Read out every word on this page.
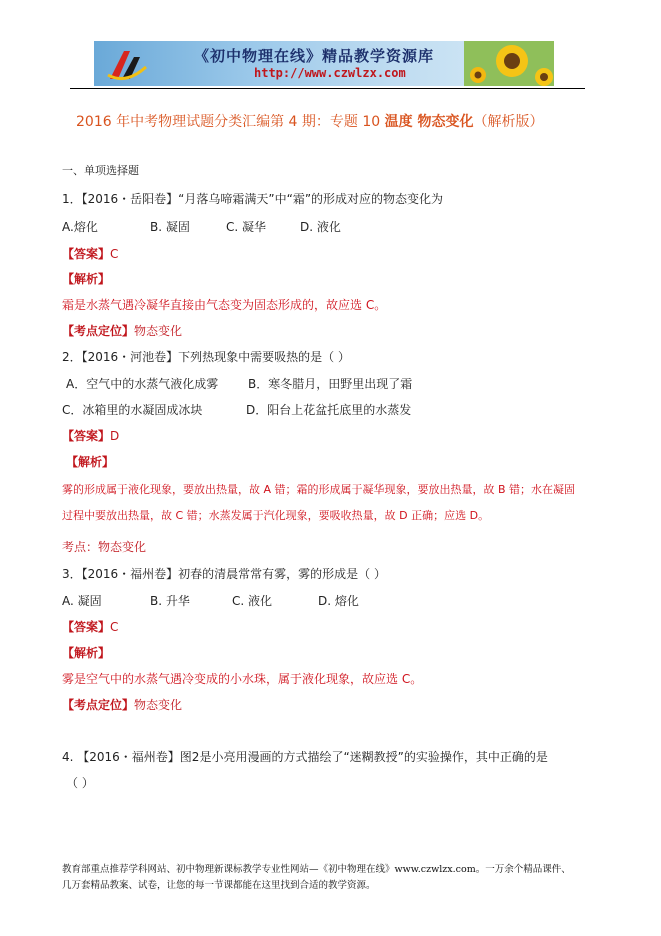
《初中物理在线》精品教学资源库
http://www.czwlzx.com
2016 年中考物理试题分类汇编第 4 期：专题 10 温度 物态变化（解析版）
一、单项选择题
1．【2016・岳阳卷】“月落乌啼霜满天”中“霜”的形成对应的物态变化为
A.熔化	B. 凝固	C. 凝华	D. 液化
【答案】C
【解析】
霜是水蒸气遇冷凝华直接由气态变为固态形成的，故应选 C。
【考点定位】物态变化
2．【2016・河池卷】下列热现象中需要吸热的是（ ）
A．空气中的水蒸气液化成雾 B．寒冬腊月，田野里出现了霜
C．冰箱里的水凝固成冰块	D．阳台上花盆托底里的水蒸发
【答案】D
【解析】
雾的形成属于液化现象，要放出热量，故 A 错；霜的形成属于凝华现象，要放出热量，故 B 错；水在凝固
过程中要放出热量，故 C 错；水蒸发属于汽化现象，要吸收热量，故 D 正确；应选 D。
考点：物态变化
3．【2016・福州卷】初春的清晨常常有雾，雾的形成是（ ）
A. 凝固	B. 升华	C. 液化	D. 熔化
【答案】C
【解析】
雾是空气中的水蒸气遇冷变成的小水珠，属于液化现象，故应选 C。
【考点定位】物态变化
4. 【2016・福州卷】图2是小亮用漫画的方式描绘了“迷糊教授”的实验操作，其中正确的是
（ ）
教育部重点推荐学科网站、初中物理新课标教学专业性网站—《初中物理在线》www.czwlzx.com。一万余个精品课件、
几万套精品教案、试卷，让您的每一节课都能在这里找到合适的教学资源。
